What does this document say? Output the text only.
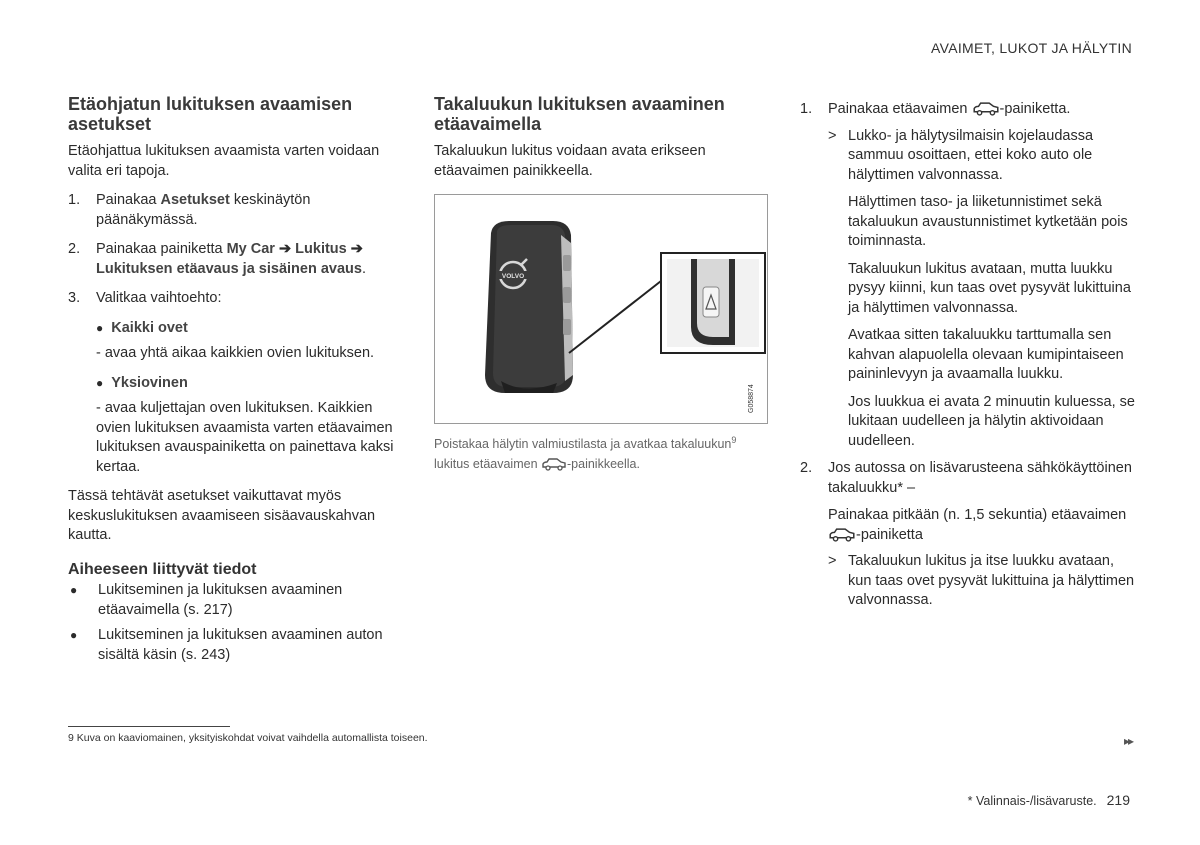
AVAIMET, LUKOT JA HÄLYTIN
Etäohjatun lukituksen avaamisen asetukset

Etäohjattua lukituksen avaamista varten voidaan valita eri tapoja.

1.	Painakaa Asetukset keskinäytön päänäkymässä.
2.	Painakaa painiketta My Car ➔ Lukitus ➔ Lukituksen etäavaus ja sisäinen avaus.
3.	Valitkaa vaihtoehto:
● Kaikki ovet

- avaa yhtä aikaa kaikkien ovien lukituksen.

● Yksiovinen

- avaa kuljettajan oven lukituksen. Kaikkien ovien lukituksen avaamista varten etäavaimen lukituksen avauspainiketta on painettava kaksi kertaa.

Tässä tehtävät asetukset vaikuttavat myös keskuslukituksen avaamiseen sisäavauskahvan kautta.

Aiheeseen liittyvät tiedot
●	Lukitseminen ja lukituksen avaaminen etäavaimella (s. 217)
●	Lukitseminen ja lukituksen avaaminen auton sisältä käsin (s. 243)
Takaluukun lukituksen avaaminen etäavaimella

Takaluukun lukitus voidaan avata erikseen etäavaimen painikkeella.

VOLVO
G058874
Poistakaa hälytin valmiustilasta ja avatkaa takaluukun$^9$
lukitus etäavaimen -painikkeella.
1.	Painakaa etäavaimen -painiketta.
> Lukko- ja hälytysilmaisin kojelaudassa sammuu osoittaen, ettei koko auto ole hälyttimen valvonnassa.

Hälyttimen taso- ja liiketunnistimet sekä takaluukun avaustunnistimet kytketään pois toiminnasta.

Takaluukun lukitus avataan, mutta luukku pysyy kiinni, kun taas ovet pysyvät lukittuina ja hälyttimen valvonnassa.

Avatkaa sitten takaluukku tarttumalla sen kahvan alapuolella olevaan kumipintaiseen paininlevyyn ja avaamalla luukku.

Jos luukkua ei avata 2 minuutin kuluessa, se lukitaan uudelleen ja hälytin aktivoidaan uudelleen.

2.	Jos autossa on lisävarusteena sähkökäyttöinen takaluukku* –

Painakaa pitkään (n. 1,5 sekuntia) etäavaimen -painiketta

> Takaluukun lukitus ja itse luukku avataan, kun taas ovet pysyvät lukittuina ja hälyttimen valvonnassa.
9 Kuva on kaaviomainen, yksityiskohdat voivat vaihdella automallista toiseen.	▸▸
* Valinnais-/lisävaruste. 219
